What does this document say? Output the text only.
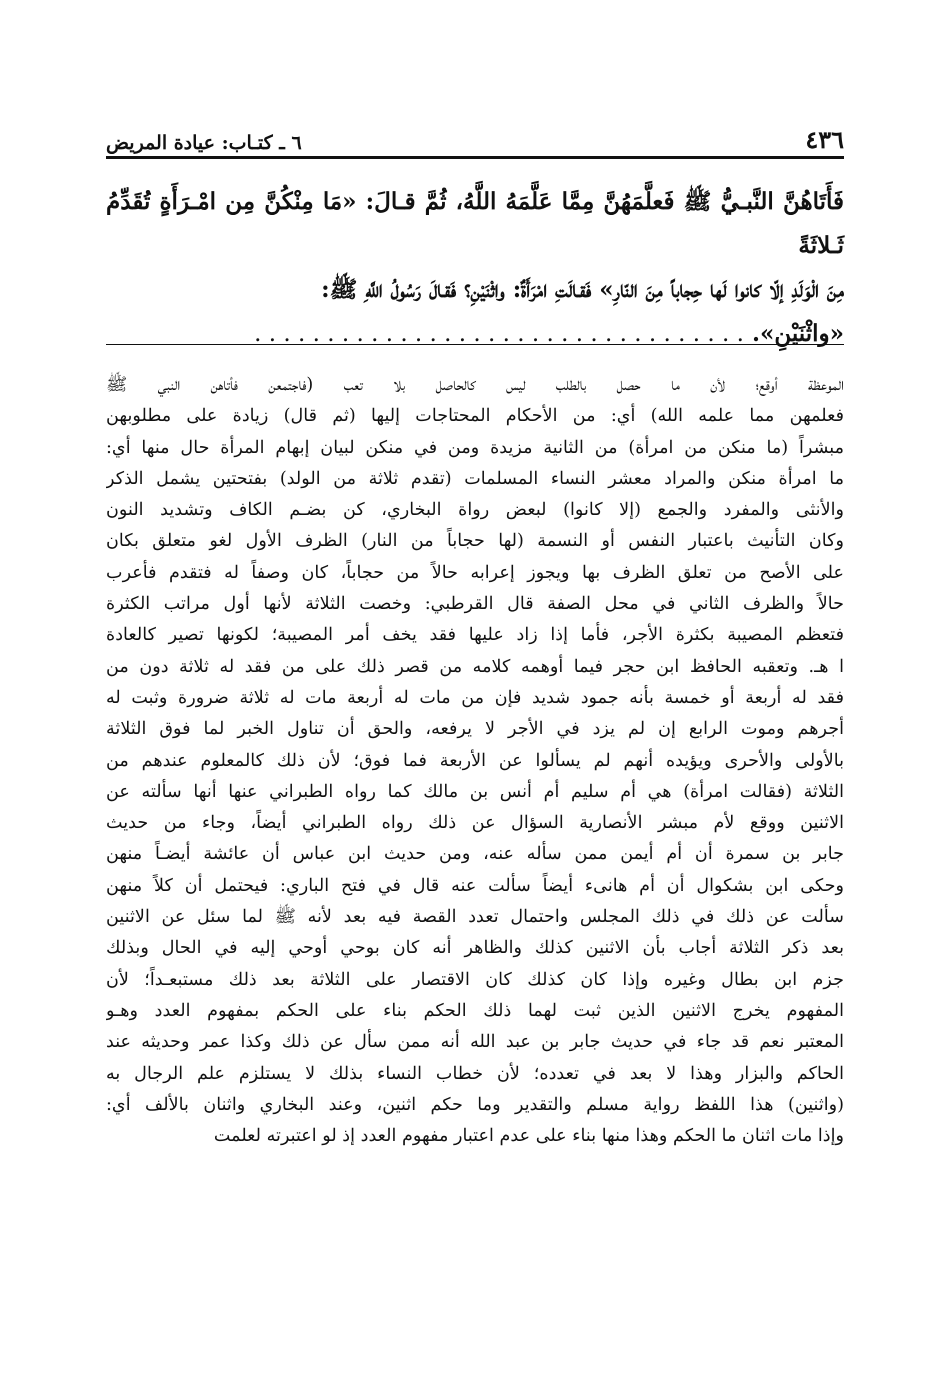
٤٣٦
٦ ـ كتـاب: عيادة المريض

فَأَتَاهُنَّ النَّبـيُّ ﷺ فَعلَّمَهُنَّ مِمَّا عَلَّمَهُ اللَّهُ، ثُمَّ قـالَ: «مَا مِنْكُنَّ مِن امْـرَأَةٍ تُقَدِّمُ ثَـلاثَةً

مِنَ الْوَلَدِ إلّا كانوا لَها حِجاباً مِنَ النّارِ» فَقـالَتِ امْرَأَةٌ: واثْنَيْنِ؟ فَقـالَ رَسُولُ اللَّهِ ﷺ:

«واثْنَيْنِ». . . . . . . . . . . . . . . . . . . . . . . . . . . . . . . . . . .

الموعظة أوقع؛ لأن ما حصل بالطلب ليس كالحاصل بلا تعب (فاجتمعن فأتاهن النبي ﷺ
فعلمهن مما علمه الله) أي: من الأحكام المحتاجات إليها (ثم قال) زيادة على مطلوبهن
مبشراً (ما منكن من امرأة) من الثانية مزيدة ومن في منكن لبيان إبهام المرأة حال منها أي:
ما امرأة منكن والمراد معشر النساء المسلمات (تقدم ثلاثة من الولد) بفتحتين يشمل الذكر
والأنثى والمفرد والجمع (إلا كانوا) لبعض رواة البخاري، كن بضـم الكاف وتشديد النون
وكان التأنيث باعتبار النفس أو النسمة (لها حجاباً من النار) الظرف الأول لغو متعلق بكان
على الأصح من تعلق الظرف بها ويجوز إعرابه حالاً من حجاباً، كان وصفاً له فتقدم فأعرب
حالاً والظرف الثاني في محل الصفة قال القرطبي: وخصت الثلاثة لأنها أول مراتب الكثرة
فتعظم المصيبة بكثرة الأجر، فأما إذا زاد عليها فقد يخف أمر المصيبة؛ لكونها تصير كالعادة
ا هـ. وتعقبه الحافظ ابن حجر فيما أوهمه كلامه من قصر ذلك على من فقد له ثلاثة دون من
فقد له أربعة أو خمسة بأنه جمود شديد فإن من مات له أربعة مات له ثلاثة ضرورة وثبت له
أجرهم وموت الرابع إن لم يزد في الأجر لا يرفعه، والحق أن تناول الخبر لما فوق الثلاثة
بالأولى والأحرى ويؤيده أنهم لم يسألوا عن الأربعة فما فوق؛ لأن ذلك كالمعلوم عندهم من
الثلاثة (فقالت امرأة) هي أم سليم أم أنس بن مالك كما رواه الطبراني عنها أنها سألته عن
الاثنين ووقع لأم مبشر الأنصارية السؤال عن ذلك رواه الطبراني أيضاً، وجاء من حديث
جابر بن سمرة أن أم أيمن ممن سأله عنه، ومن حديث ابن عباس أن عائشة أيضـاً منهن
وحكى ابن بشكوال أن أم هانىء أيضاً سألت عنه قال في فتح الباري: فيحتمل أن كلاً منهن
سألت عن ذلك في ذلك المجلس واحتمال تعدد القصة فيه بعد لأنه ﷺ لما سئل عن الاثنين
بعد ذكر الثلاثة أجاب بأن الاثنين كذلك والظاهر أنه كان بوحي أوحي إليه في الحال وبذلك
جزم ابن بطال وغيره وإذا كان كذلك كان الاقتصار على الثلاثة بعد ذلك مستبعـداً؛ لأن
المفهوم يخرج الاثنين الذين ثبت لهما ذلك الحكم بناء على الحكم بمفهوم العدد وهـو
المعتبر نعم قد جاء في حديث جابر بن عبد الله أنه ممن سأل عن ذلك وكذا عمر وحديثه عند
الحاكم والبزار وهذا لا بعد في تعدده؛ لأن خطاب النساء بذلك لا يستلزم علم الرجال به
(واثنين) هذا اللفظ رواية مسلم والتقدير وما حكم اثنين، وعند البخاري واثنان بالألف أي:
وإذا مات اثنان ما الحكم وهذا منها بناء على عدم اعتبار مفهوم العدد إذ لو اعتبرته لعلمت
